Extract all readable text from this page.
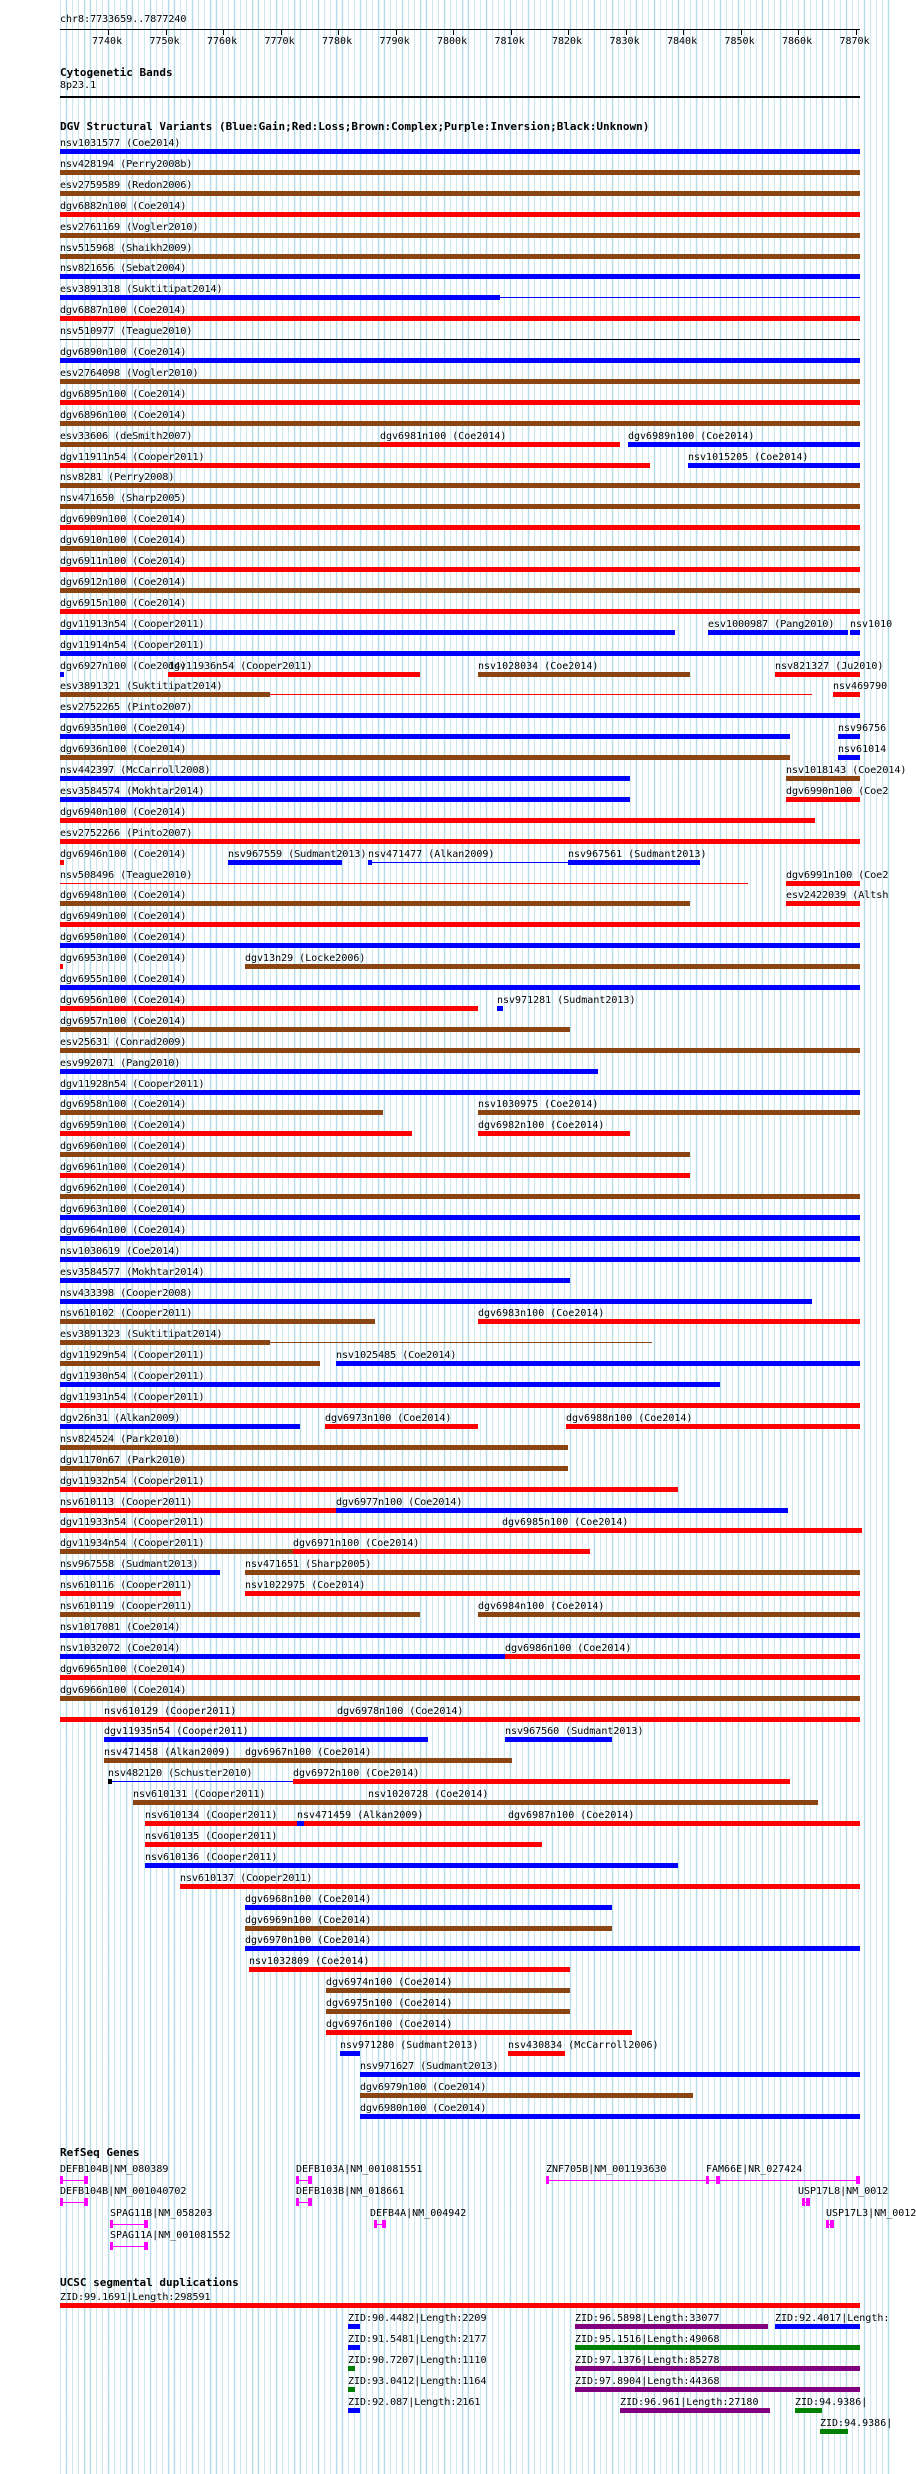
chr8:7733659..7877240
7740k	7750k	7760k	7770k	7780k	7790k	7800k	7810k	7820k	7830k	7840k	7850k	7860k	7870k
Cytogenetic Bands
8p23.1
DGV Structural Variants (Blue:Gain;Red:Loss;Brown:Complex;Purple:Inversion;Black:Unknown)
nsv1031577 (Coe2014)
nsv428194 (Perry2008b)
esv2759589 (Redon2006)
dgv6882n100 (Coe2014)
esv2761169 (Vogler2010)
nsv515968 (Shaikh2009)
nsv821656 (Sebat2004)
esv3891318 (Suktitipat2014)
dgv6887n100 (Coe2014)
nsv510977 (Teague2010)
dgv6890n100 (Coe2014)
esv2764098 (Vogler2010)
dgv6895n100 (Coe2014)
dgv6896n100 (Coe2014)
esv33606 (deSmith2007)	dgv6981n100 (Coe2014)	dgv6989n100 (Coe2014)
dgv11911n54 (Cooper2011)	nsv1015205 (Coe2014)
nsv8281 (Perry2008)
nsv471650 (Sharp2005)
dgv6909n100 (Coe2014)
dgv6910n100 (Coe2014)
dgv6911n100 (Coe2014)
dgv6912n100 (Coe2014)
dgv6915n100 (Coe2014)
dgv11913n54 (Cooper2011)	esv1000987 (Pang2010) nsv1010
dgv11914n54 (Cooper2011)
dgv6927n100 (Coe2014)
dgv11936n54 (Cooper2011)	nsv1028034 (Coe2014)	nsv821327 (Ju2010)
esv3891321 (Suktitipat2014)	nsv469790
esv2752265 (Pinto2007)
dgv6935n100 (Coe2014)	nsv96756
dgv6936n100 (Coe2014)	nsv61014
nsv442397 (McCarroll2008)	nsv1018143 (Coe2014)
esv3584574 (Mokhtar2014)	dgv6990n100 (Coe2
dgv6940n100 (Coe2014)
esv2752266 (Pinto2007)
dgv6946n100 (Coe2014)	nsv967559 (Sudmant2013) nsv471477 (Alkan2009)	nsv967561 (Sudmant2013)
nsv508496 (Teague2010)	dgv6991n100 (Coe2
dgv6948n100 (Coe2014)	esv2422039 (Altsh
dgv6949n100 (Coe2014)
dgv6950n100 (Coe2014)
dgv6953n100 (Coe2014)	dgv13n29 (Locke2006)
dgv6955n100 (Coe2014)
dgv6956n100 (Coe2014)	nsv971281 (Sudmant2013)
dgv6957n100 (Coe2014)
esv25631 (Conrad2009)
esv992071 (Pang2010)
dgv11928n54 (Cooper2011)
dgv6958n100 (Coe2014)	nsv1030975 (Coe2014)
dgv6959n100 (Coe2014)	dgv6982n100 (Coe2014)
dgv6960n100 (Coe2014)
dgv6961n100 (Coe2014)
dgv6962n100 (Coe2014)
dgv6963n100 (Coe2014)
dgv6964n100 (Coe2014)
nsv1030619 (Coe2014)
esv3584577 (Mokhtar2014)
nsv433398 (Cooper2008)
nsv610102 (Cooper2011)	dgv6983n100 (Coe2014)
esv3891323 (Suktitipat2014)
dgv11929n54 (Cooper2011)	nsv1025485 (Coe2014)
dgv11930n54 (Cooper2011)
dgv11931n54 (Cooper2011)
dgv26n31 (Alkan2009)	dgv6973n100 (Coe2014)	dgv6988n100 (Coe2014)
nsv824524 (Park2010)
dgv1170n67 (Park2010)
dgv11932n54 (Cooper2011)
nsv610113 (Cooper2011)	dgv6977n100 (Coe2014)
dgv11933n54 (Cooper2011)	dgv6985n100 (Coe2014)
dgv11934n54 (Cooper2011)	dgv6971n100 (Coe2014)
nsv967558 (Sudmant2013)	nsv471651 (Sharp2005)
nsv610116 (Cooper2011)	nsv1022975 (Coe2014)
nsv610119 (Cooper2011)	dgv6984n100 (Coe2014)
nsv1017081 (Coe2014)
nsv1032072 (Coe2014)	dgv6986n100 (Coe2014)
dgv6965n100 (Coe2014)
dgv6966n100 (Coe2014)
nsv610129 (Cooper2011)	dgv6978n100 (Coe2014)
dgv11935n54 (Cooper2011)	nsv967560 (Sudmant2013)
nsv471458 (Alkan2009) dgv6967n100 (Coe2014)
nsv482120 (Schuster2010)	dgv6972n100 (Coe2014)
nsv610131 (Cooper2011)	nsv1020728 (Coe2014)
nsv610134 (Cooper2011) nsv471459 (Alkan2009)	dgv6987n100 (Coe2014)
nsv610135 (Cooper2011)
nsv610136 (Cooper2011)
nsv610137 (Cooper2011)
dgv6968n100 (Coe2014)
dgv6969n100 (Coe2014)
dgv6970n100 (Coe2014)
nsv1032809 (Coe2014)
dgv6974n100 (Coe2014)
dgv6975n100 (Coe2014)
dgv6976n100 (Coe2014)
nsv971280 (Sudmant2013)	nsv430834 (McCarroll2006)
nsv971627 (Sudmant2013)
dgv6979n100 (Coe2014)
dgv6980n100 (Coe2014)
RefSeq Genes
DEFB104B|NM_080389	DEFB103A|NM_001081551	ZNF705B|NM_001193630	FAM66E|NR_027424
DEFB104B|NM_001040702	DEFB103B|NM_018661	USP17L8|NM_0012
SPAG11B|NM_058203	DEFB4A|NM_004942	USP17L3|NM_0012
SPAG11A|NM_001081552
UCSC segmental duplications
ZID:99.1691|Length:298591
ZID:90.4482|Length:2209	ZID:96.5898|Length:33077	ZID:92.4017|Length:
ZID:91.5481|Length:2177	ZID:95.1516|Length:49068
ZID:90.7207|Length:1110	ZID:97.1376|Length:85278
ZID:93.0412|Length:1164	ZID:97.8904|Length:44368
ZID:92.087|Length:2161	ZID:96.961|Length:27180	ZID:94.9386|
ZID:94.9386|
